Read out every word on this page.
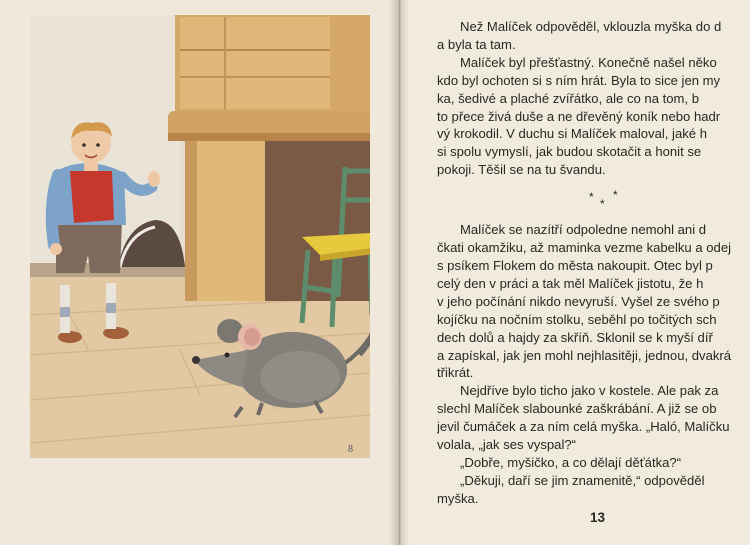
8

Než Malíček odpověděl, vklouzla myška do d
a byla ta tam.

Malíček byl přešťastný. Konečně našel něko
kdo byl ochoten si s ním hrát. Byla to sice jen my
ka, šedivé a plaché zvířátko, ale co na tom, b
to přece živá duše a ne dřevěný koník nebo hadr
vý krokodil. V duchu si Malíček maloval, jaké h
si spolu vymyslí, jak budou skotačit a honit se
pokoji. Těšil se na tu švandu.

* *
*

Malíček se nazítří odpoledne nemohl ani d
čkati okamžiku, až maminka vezme kabelku a odej
s psíkem Flokem do města nakoupit. Otec byl p
celý den v práci a tak měl Malíček jistotu, že h
v jeho počínání nikdo nevyruší. Vyšel ze svého p
kojíčku na nočním stolku, seběhl po točitých sch
dech dolů a hajdy za skříň. Sklonil se k myší díř
a zapískal, jak jen mohl nejhlasitěji, jednou, dvakrá
třikrát.

Nejdříve bylo ticho jako v kostele. Ale pak za
slechl Malíček slabounké zaškrábání. A již se ob
jevil čumáček a za ním celá myška. „Haló, Malíčku
volala, „jak ses vyspal?“

„Dobře, myšičko, a co dělají děťátka?“

„Děkuji, daří se jim znamenitě,“ odpověděl
myška.

13
